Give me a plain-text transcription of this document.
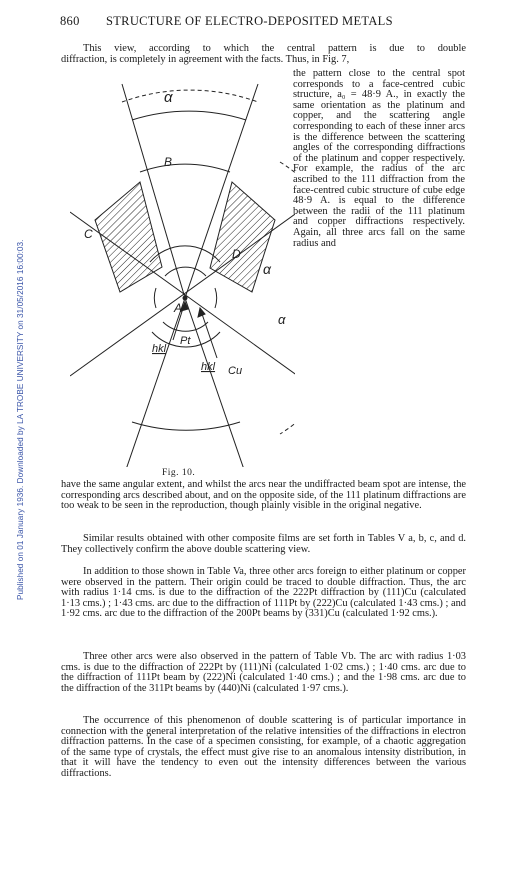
Published on 01 January 1936. Downloaded by LA TROBE UNIVERSITY on 31/05/2016 16:00:03.
860 STRUCTURE OF ELECTRO-DEPOSITED METALS

This view, according to which the central pattern is due to double
diffraction, is completely in agreement with the facts. Thus, in Fig. 7,

the pattern close to the central spot corresponds to a face-centred cubic structure, a₀ = 48·9 A., in exactly the same orientation as the platinum and copper, and the scattering angle corresponding to each of these inner arcs is the difference between the scattering angles of the corresponding diffractions of the platinum and copper respectively. For example, the radius of the arc ascribed to the 111 diffraction from the face-centred cubic structure of cube edge 48·9 A. is equal to the difference between the radii of the 111 platinum and copper diffractions respectively. Again, all three arcs fall on the same radius and

α
B
C
D
α
A
hkl
Pt
hkl Cu
α
Fig. 10.

have the same angular extent, and whilst the arcs near the undiffracted beam spot are intense, the corresponding arcs described about, and on the opposite side, of the 111 platinum diffractions are too weak to be seen in the reproduction, though plainly visible in the original negative.

Similar results obtained with other composite films are set forth in Tables V a, b, c, and d. They collectively confirm the above double scattering view.

In addition to those shown in Table Va, three other arcs foreign to either platinum or copper were observed in the pattern. Their origin could be traced to double diffraction. Thus, the arc with radius 1·14 cms. is due to the diffraction of the 222Pt diffraction by (111)Cu (calculated 1·13 cms.) ; 1·43 cms. arc due to the diffraction of 111Pt by (222)Cu (calculated 1·43 cms.) ; and 1·92 cms. arc due to the diffraction of the 200Pt beams by (331)Cu (calculated 1·92 cms.).

Three other arcs were also observed in the pattern of Table Vb. The arc with radius 1·03 cms. is due to the diffraction of 222Pt by (111)Ni (calculated 1·02 cms.) ; 1·40 cms. arc due to the diffraction of 111Pt beam by (222)Ni (calculated 1·40 cms.) ; and the 1·98 cms. arc due to the diffraction of the 311Pt beams by (440)Ni (calculated 1·97 cms.).

The occurrence of this phenomenon of double scattering is of particular importance in connection with the general interpretation of the relative intensities of the diffractions in electron diffraction patterns. In the case of a specimen consisting, for example, of a chaotic aggregation of the same type of crystals, the effect must give rise to an anomalous intensity distribution, in that it will have the tendency to even out the intensity differences between the various diffractions.
